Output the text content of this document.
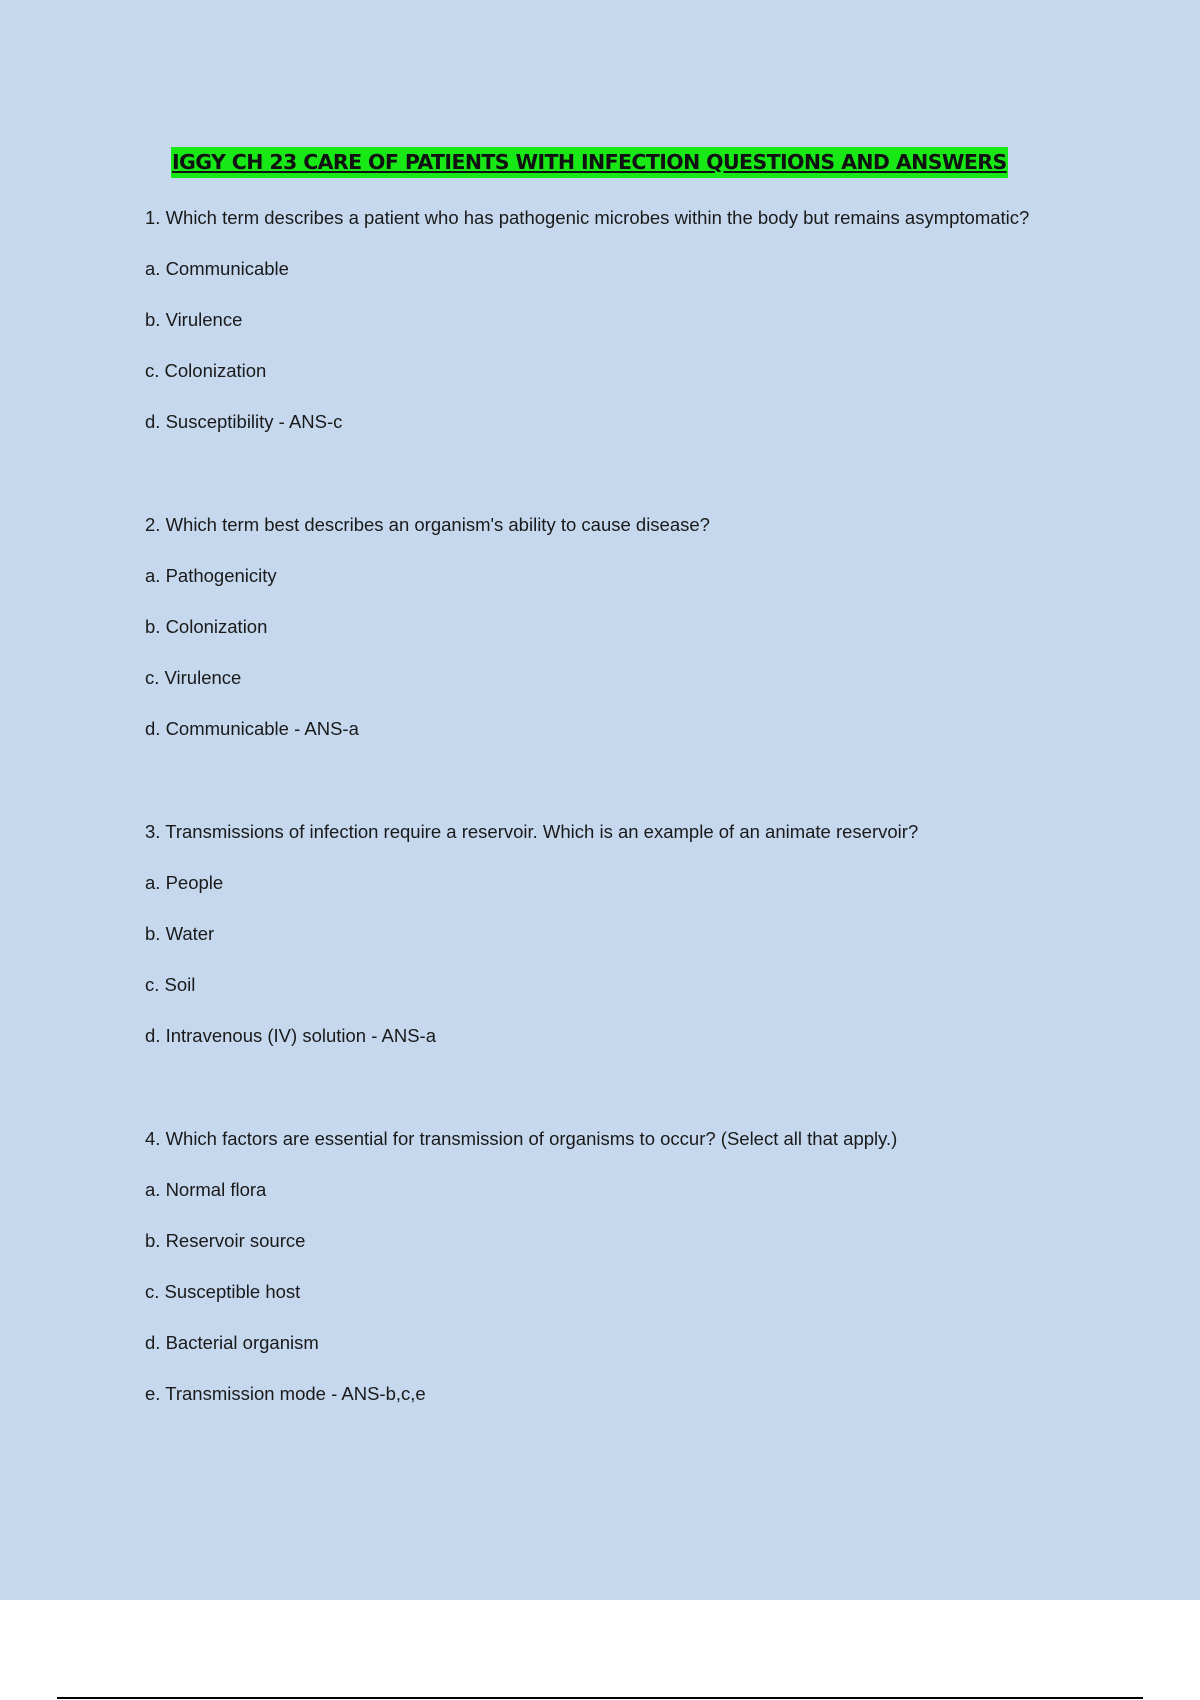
IGGY CH 23 CARE OF PATIENTS WITH INFECTION QUESTIONS AND ANSWERS

1. Which term describes a patient who has pathogenic microbes within the body but remains asymptomatic?

a. Communicable
b. Virulence
c. Colonization
d. Susceptibility - ANS-c

2. Which term best describes an organism's ability to cause disease?

a. Pathogenicity
b. Colonization
c. Virulence
d. Communicable - ANS-a

3. Transmissions of infection require a reservoir. Which is an example of an animate reservoir?

a. People
b. Water
c. Soil
d. Intravenous (IV) solution - ANS-a

4. Which factors are essential for transmission of organisms to occur? (Select all that apply.)

a. Normal flora
b. Reservoir source
c. Susceptible host
d. Bacterial organism
e. Transmission mode - ANS-b,c,e
